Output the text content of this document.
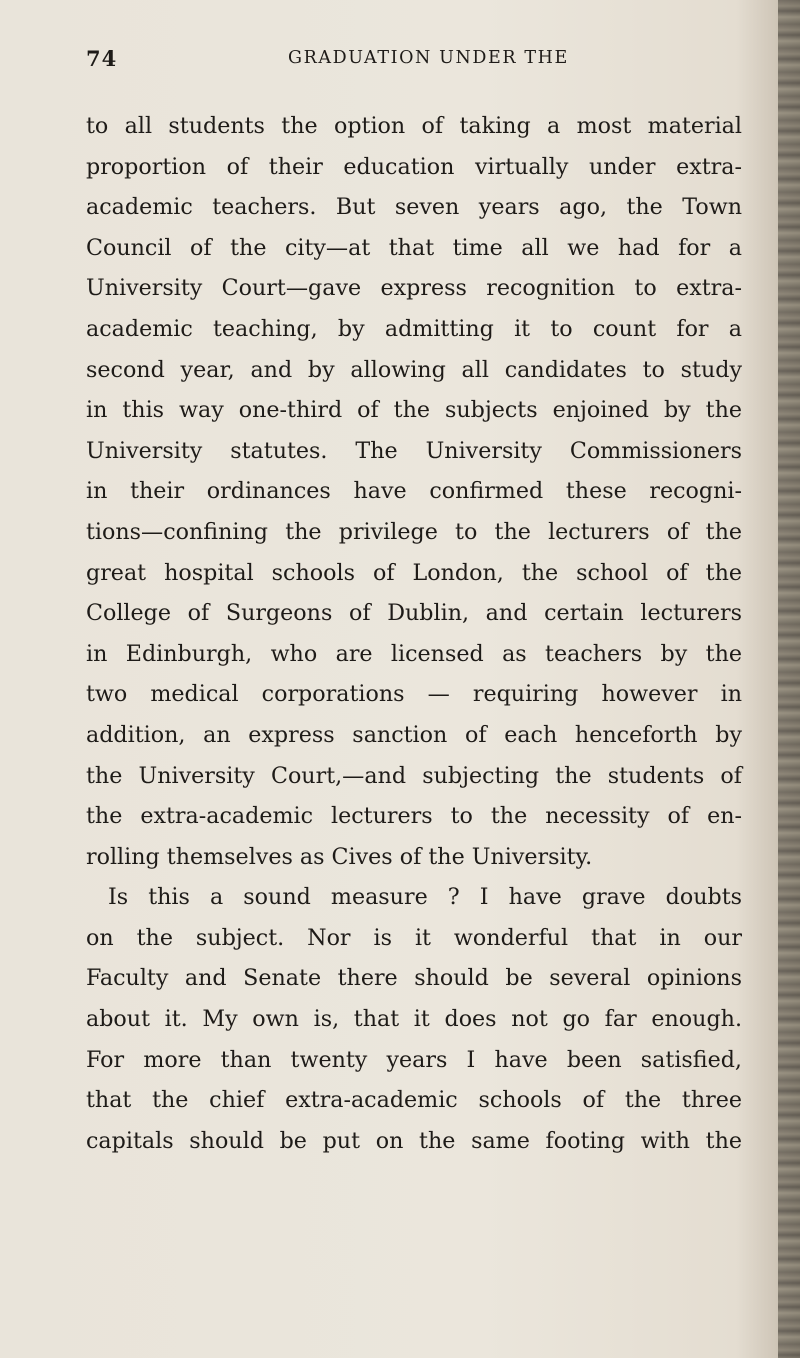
74	GRADUATION UNDER THE
to all students the option of taking a most material
proportion of their education virtually under extra-
academic teachers. But seven years ago, the Town
Council of the city—at that time all we had for a
University Court—gave express recognition to extra-
academic teaching, by admitting it to count for a
second year, and by allowing all candidates to study
in this way one-third of the subjects enjoined by the
University statutes. The University Commissioners
in their ordinances have confirmed these recogni-
tions—confining the privilege to the lecturers of the
great hospital schools of London, the school of the
College of Surgeons of Dublin, and certain lecturers
in Edinburgh, who are licensed as teachers by the
two medical corporations — requiring however in
addition, an express sanction of each henceforth by
the University Court,—and subjecting the students of
the extra-academic lecturers to the necessity of en-
rolling themselves as Cives of the University.
Is this a sound measure ? I have grave doubts
on the subject. Nor is it wonderful that in our
Faculty and Senate there should be several opinions
about it. My own is, that it does not go far enough.
For more than twenty years I have been satisfied,
that the chief extra-academic schools of the three
capitals should be put on the same footing with the
